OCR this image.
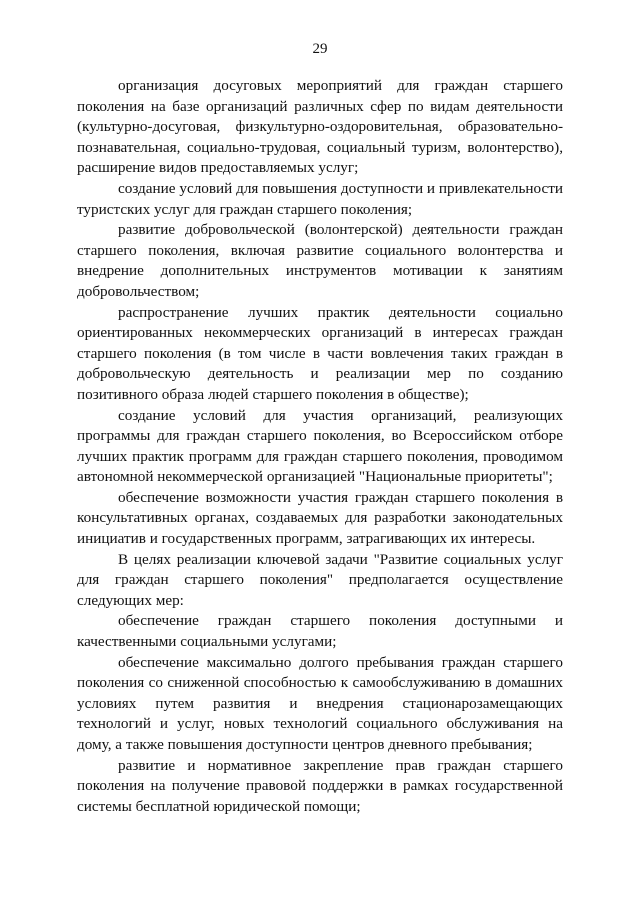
29

организация досуговых мероприятий для граждан старшего поколения на базе организаций различных сфер по видам деятельности (культурно-досуговая, физкультурно-оздоровительная, образовательно-познавательная, социально-трудовая, социальный туризм, волонтерство), расширение видов предоставляемых услуг;

создание условий для повышения доступности и привлекательности туристских услуг для граждан старшего поколения;

развитие добровольческой (волонтерской) деятельности граждан старшего поколения, включая развитие социального волонтерства и внедрение дополнительных инструментов мотивации к занятиям добровольчеством;

распространение лучших практик деятельности социально ориентированных некоммерческих организаций в интересах граждан старшего поколения (в том числе в части вовлечения таких граждан в добровольческую деятельность и реализации мер по созданию позитивного образа людей старшего поколения в обществе);

создание условий для участия организаций, реализующих программы для граждан старшего поколения, во Всероссийском отборе лучших практик программ для граждан старшего поколения, проводимом автономной некоммерческой организацией "Национальные приоритеты";

обеспечение возможности участия граждан старшего поколения в консультативных органах, создаваемых для разработки законодательных инициатив и государственных программ, затрагивающих их интересы.

В целях реализации ключевой задачи "Развитие социальных услуг для граждан старшего поколения" предполагается осуществление следующих мер:

обеспечение граждан старшего поколения доступными и качественными социальными услугами;

обеспечение максимально долгого пребывания граждан старшего поколения со сниженной способностью к самообслуживанию в домашних условиях путем развития и внедрения стационарозамещающих технологий и услуг, новых технологий социального обслуживания на дому, а также повышения доступности центров дневного пребывания;

развитие и нормативное закрепление прав граждан старшего поколения на получение правовой поддержки в рамках государственной системы бесплатной юридической помощи;
